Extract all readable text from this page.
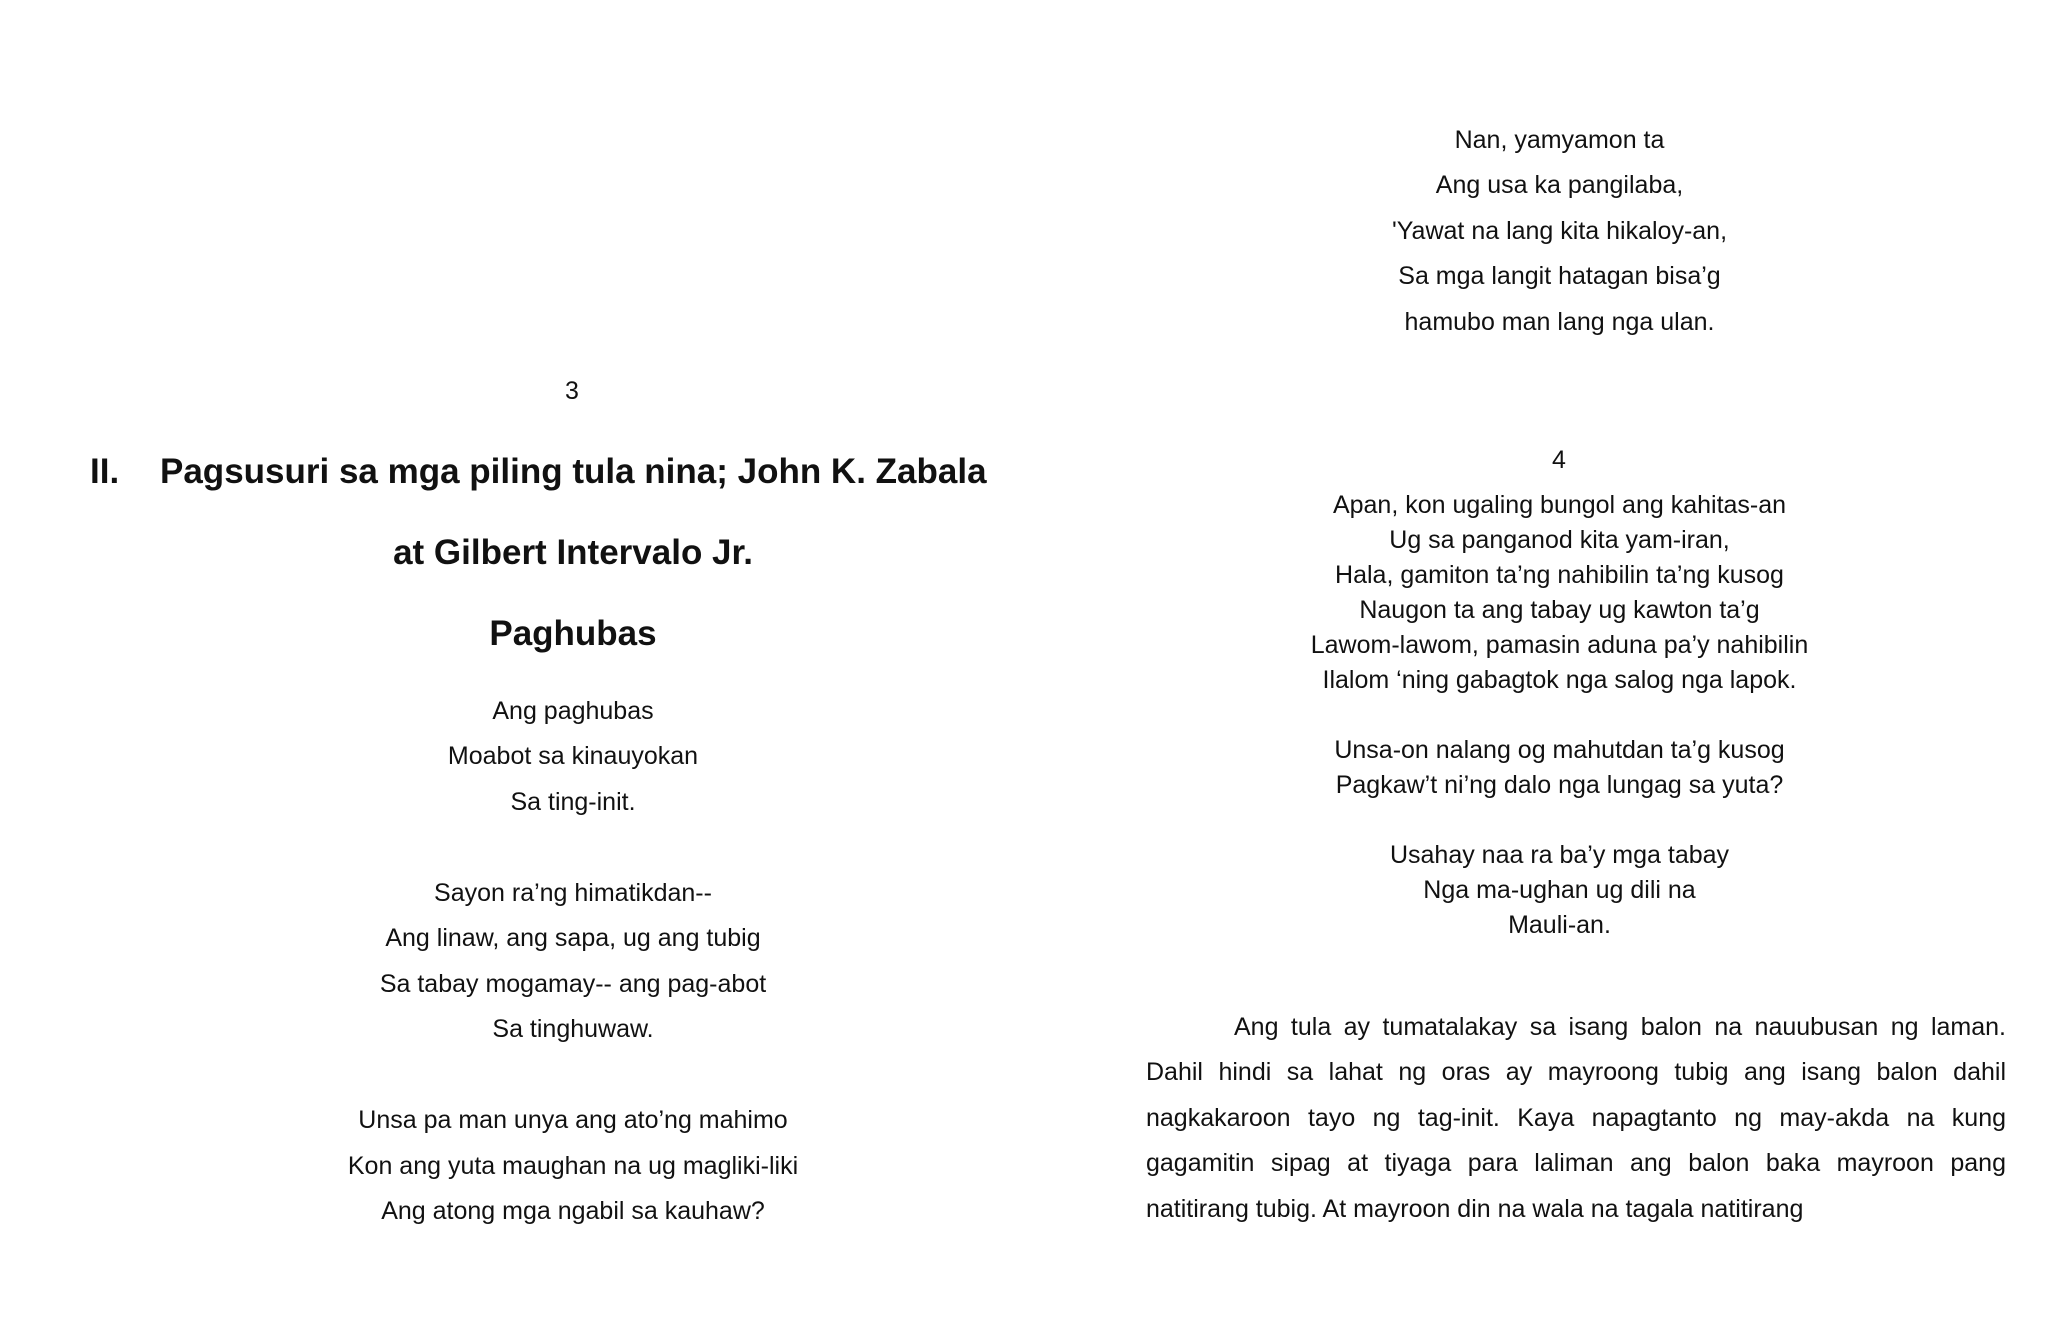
3
II. Pagsusuri sa mga piling tula nina; John K. Zabala
at Gilbert Intervalo Jr.
Paghubas
Ang paghubas
Moabot sa kinauyokan
Sa ting-init.
Sayon ra’ng himatikdan--
Ang linaw, ang sapa, ug ang tubig
Sa tabay mogamay-- ang pag-abot
Sa tinghuwaw.
Unsa pa man unya ang ato’ng mahimo
Kon ang yuta maughan na ug magliki-liki
Ang atong mga ngabil sa kauhaw?
Nan, yamyamon ta
Ang usa ka pangilaba,
'Yawat na lang kita hikaloy-an,
Sa mga langit hatagan bisa’g
hamubo man lang nga ulan.
4
Apan, kon ugaling bungol ang kahitas-an
Ug sa panganod kita yam-iran,
Hala, gamiton ta’ng nahibilin ta’ng kusog
Naugon ta ang tabay ug kawton ta’g
Lawom-lawom, pamasin aduna pa’y nahibilin
Ilalom ‘ning gabagtok nga salog nga lapok.
Unsa-on nalang og mahutdan ta’g kusog
Pagkaw’t ni’ng dalo nga lungag sa yuta?
Usahay naa ra ba’y mga tabay
Nga ma-ughan ug dili na
Mauli-an.
Ang tula ay tumatalakay sa isang balon na nauubusan ng laman. Dahil hindi sa lahat ng oras ay mayroong tubig ang isang balon dahil nagkakaroon tayo ng tag-init. Kaya napagtanto ng may-akda na kung gagamitin sipag at tiyaga para laliman ang balon baka mayroon pang natitirang tubig. At mayroon din na wala na tagala natitirang
